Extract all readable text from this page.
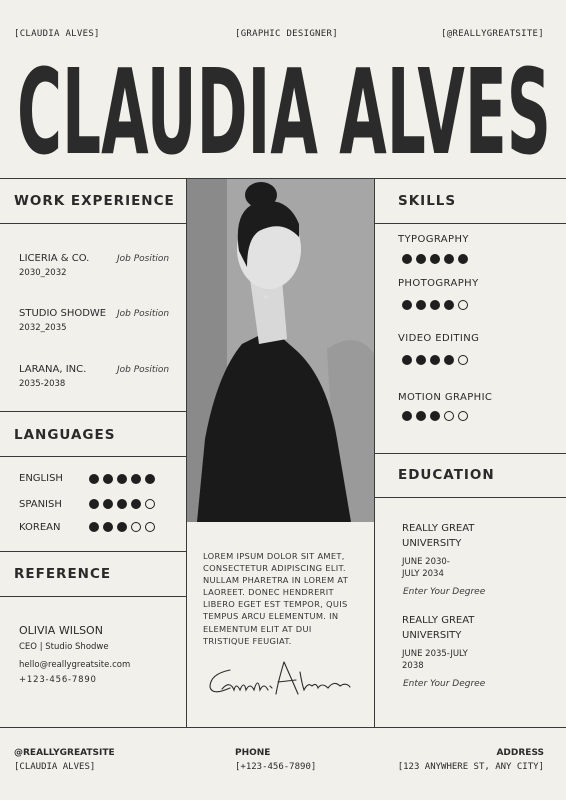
[CLAUDIA ALVES]	[GRAPHIC DESIGNER]	[@REALLYGREATSITE]
CLAUDIA ALVES
WORK EXPERIENCE
LICERIA & CO.
2030_2032
Job Position
STUDIO SHODWE
2032_2035
Job Position
LARANA, INC.
2035-2038
Job Position
LANGUAGES
ENGLISH
SPANISH
KOREAN
REFERENCE
OLIVIA WILSON
CEO | Studio Shodwe
hello@reallygreatsite.com
+123-456-7890
LOREM IPSUM DOLOR SIT AMET, CONSECTETUR ADIPISCING ELIT. NULLAM PHARETRA IN LOREM AT LAOREET. DONEC HENDRERIT LIBERO EGET EST TEMPOR, QUIS TEMPUS ARCU ELEMENTUM. IN ELEMENTUM ELIT AT DUI TRISTIQUE FEUGIAT.
SKILLS
TYPOGRAPHY
PHOTOGRAPHY
VIDEO EDITING
MOTION GRAPHIC
EDUCATION
REALLY GREAT
UNIVERSITY
JUNE 2030-
JULY 2034
Enter Your Degree
REALLY GREAT
UNIVERSITY
JUNE 2035-JULY
2038
Enter Your Degree
@REALLYGREATSITE
[CLAUDIA ALVES]
PHONE
[+123-456-7890]
ADDRESS
[123 ANYWHERE ST, ANY CITY]
